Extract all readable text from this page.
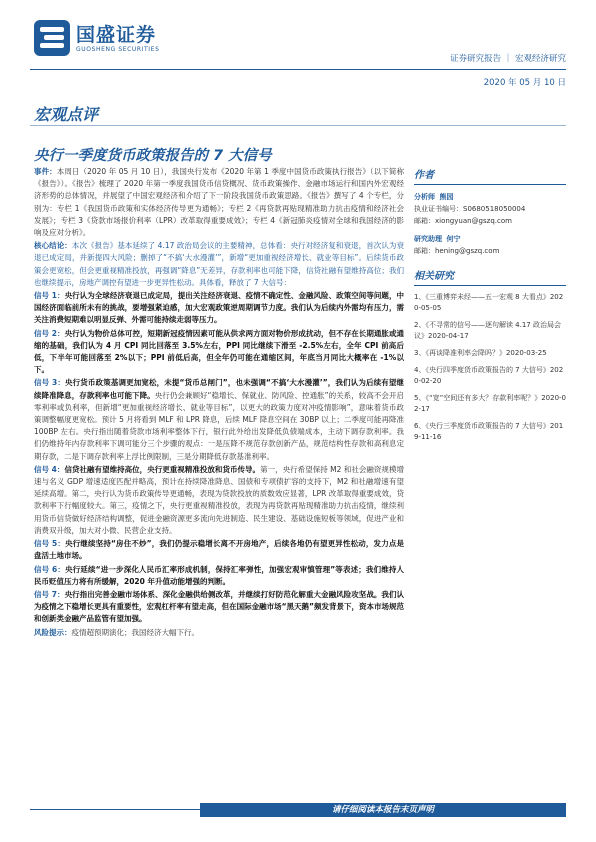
国盛证券
GUOSHENG SECURITIES
证券研究报告 ｜ 宏观经济研究
2020 年 05 月 10 日
宏观点评
央行一季度货币政策报告的 7 大信号

事件：本周日（2020 年 05 月 10 日），我国央行发布《2020 年第 1 季度中国货币政策执行报告》（以下简称《报告》）。《报告》梳理了 2020 年第一季度我国货币信贷概况、货币政策操作、金融市场运行和国内外宏观经济形势的总体情况，并展望了中国宏观经济和介绍了下一阶段我国货币政策思路。《报告》撰写了 4 个专栏，分别为：专栏 1《我国货币政策和实体经济传导更为通畅》；专栏 2《再贷款再贴现精准助力抗击疫情和经济社会发展》；专栏 3《贷款市场报价利率（LPR）改革取得重要成效》；专栏 4《新冠肺炎疫情对全球和我国经济的影响及应对分析》。

核心结论：本次《报告》基本延续了 4.17 政治局会议的主要精神，总体看：央行对经济复和衰退，首次认为衰退已成定局，并新提四大风险；删掉了“不搞‘大水漫灌’”，新增“更加重视经济增长、就业等目标”。后续货币政策会更宽松，但会更重视精准投放，再强调“降息”无差异，存款利率也可能下降，信贷社融有望维持高位；我们也继续提示，房地产调控有望进一步更异性松动。具体看，释放了 7 大信号：

信号 1：央行认为全球经济衰退已成定局，提出关注经济衰退、疫情不确定性、金融风险、政策空间等问题，中国经济面临前所未有的挑战，要增强紧迫感，加大宏观政策逆周期调节力度。我们认为后续内外需均有压力，需关注消费短期难以明显反弹、外需可能持续走弱等压力。

信号 2：央行认为物价总体可控，短期新冠疫情因素可能从供求两方面对物价形成扰动，但不存在长期通胀或通缩的基础，我们认为 4 月 CPI 同比回落至 3.5%左右，PPI 同比继续下滑至 -2.5%左右，全年 CPI 前高后低，下半年可能回落至 2%以下；PPI 前低后高，但全年仍可能在通缩区间，年底当月同比大概率在 -1%以下。

信号 3：央行货币政策基调更加宽松，未提“货币总闸门”，也未强调“不搞‘大水漫灌’”，我们认为后续有望继续降准降息，存款利率也可能下降。央行仍会兼顾好“稳增长、保就业、防风险、控通胀”的关系，较高不会开启零利率或负利率，但新增“更加重视经济增长、就业等目标”，以更大的政策力度对冲疫情影响”，意味着货币政策调整幅度更宽松。预计 5 月将看到 MLF 和 LPR 降息，后续 MLF 降息空间在 30BP 以上；二季度可能再降准 100BP 左右。央行指出随着贷款市场利率整体下行，银行此外给出发降低负债端成本，主动下调存款利率。我们仍维持年内存款利率下调可能分三个步骤的观点：一是压降不规范存款创新产品，规范结构性存款和高利息定期存款，二是下调存款利率上浮比例限制，三是分期降低存款基准利率。

信号 4：信贷社融有望维持高位，央行更重视精准投放和货币传导。第一，央行希望保持 M2 和社会融资规模增速与名义 GDP 增速适度匹配并略高，预计在持续降准降息、国债和专项债扩容的支持下，M2 和社融增速有望延续高增。第二，央行认为货币政策传导更通畅，表现为贷款投放的质数效应显著，LPR 改革取得重要成效，贷款利率下行幅度较大。第三，疫情之下，央行更重视精准投放，表现为再贷款再贴现精准助力抗击疫情，继续利用货币信贷做好经济结构调整，促进金融资源更多流向先进制造、民生建设、基础设施短板等领域，促进产业和消费双升级，加大对小微、民营企业支持。

信号 5：央行继续坚持“房住不炒”，我们仍提示稳增长离不开房地产，后续各地仍有望更异性松动，发力点是盘活土地市场。

信号 6：央行延续“进一步深化人民币汇率形成机制，保持汇率弹性，加强宏观审慎管理”等表述；我们维持人民币贬值压力将有所缓解，2020 年升值动能增强的判断。

信号 7：央行指出完善金融市场体系、深化金融供给侧改革，并继续打好防范化解重大金融风险攻坚战。我们认为疫情之下稳增长更具有重要性，宏观杠杆率有望走高，但在国际金融市场“黑天鹅”频发背景下，资本市场规范和创新类金融产品监管有望加强。

风险提示：疫情超预期演化；我国经济大幅下行。

作者
分析师 熊园
执业证书编号：S0680518050004
邮箱：xiongyuan@gszq.com
研究助理 何宁
邮箱：hening@gszq.com
相关研究
1、《三重博弈未经——五一宏观 8 大看点》2020-05-05
2、《不寻常的信号——逐句解读 4.17 政治局会议》2020-04-17
3、《再谈降准利率会降吗？》2020-03-25
4、《央行四季度货币政策报告的 7 大信号》2020-02-20
5、《“宽”空间还有多大？存款利率呢？》2020-02-17
6、《央行三季度货币政策报告的 7 大信号》2019-11-16
请仔细阅读本报告末页声明
